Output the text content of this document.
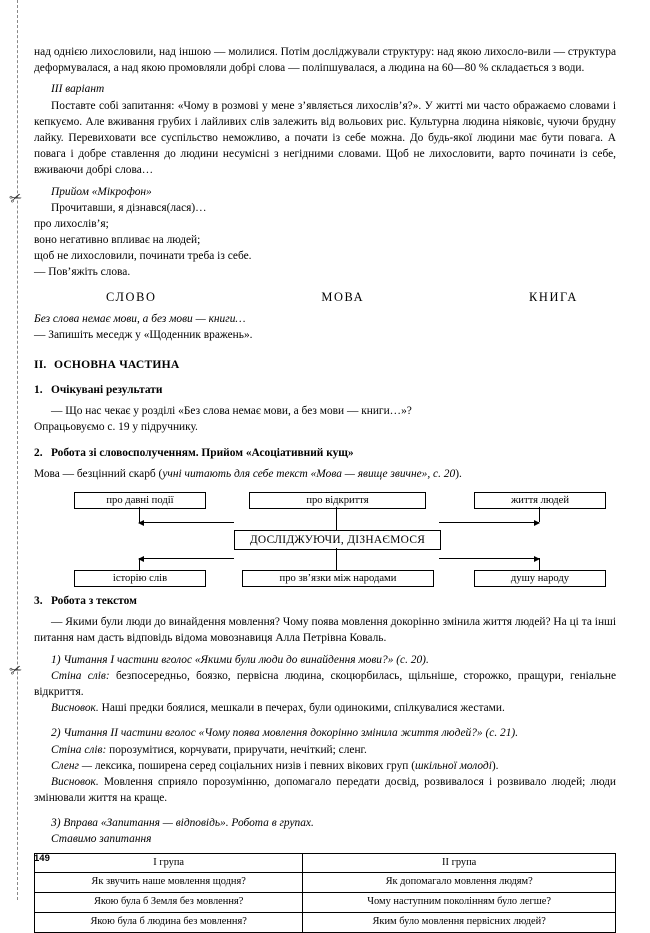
✂
✂

над однією лихословили, над іншою — молилися. Потім досліджували структуру: над якою лихосло-вили — структура деформувалася, а над якою промовляли добрі слова — поліпшувалася, а людина на 60—80 % складається з води.

ІІІ варіант

Поставте собі запитання: «Чому в розмові у мене з’являється лихослів’я?». У житті ми часто ображаємо словами і кепкуємо. Але вживання грубих і лайливих слів залежить від вольових рис. Культурна людина ніяковіє, чуючи брудну лайку. Перевиховати все суспільство неможливо, а почати із себе можна. До будь-якої людини має бути повага. А повага і добре ставлення до людини несумісні з негідними словами. Щоб не лихословити, варто починати із себе, вживаючи добрі слова…

Прийом «Мікрофон»

Прочитавши, я дізнався(лася)…

про лихослів’я;

воно негативно впливає на людей;

щоб не лихословили, починати треба із себе.

— Пов’яжіть слова.

СЛОВО	МОВА	КНИГА

Без слова немає мови, а без мови — книги…

— Запишіть меседж у «Щоденник вражень».

II. ОСНОВНА ЧАСТИНА

1. Очікувані результати

— Що нас чекає у розділі «Без слова немає мови, а без мови — книги…»?

Опрацьовуємо с. 19 у підручнику.

2. Робота зі словосполученням. Прийом «Асоціативний кущ»

Мова — безцінний скарб (учні читають для себе текст «Мова — явище звичне», с. 20).

про давні події	про відкриття	життя людей
ДОСЛІДЖУЮЧИ, ДІЗНАЄМОСЯ
історію слів	про зв’язки між народами	душу народу

3. Робота з текстом

— Якими були люди до винайдення мовлення? Чому поява мовлення докорінно змінила життя людей? На ці та інші питання нам дасть відповідь відома мовознавиця Алла Петрівна Коваль.

1) Читання І частини вголос «Якими були люди до винайдення мови?» (с. 20).

Стіна слів: безпосередньо, боязко, первісна людина, скоцюрбилась, щільніше, сторожко, пращури, геніальне відкриття.

Висновок. Наші предки боялися, мешкали в печерах, були одинокими, спілкувалися жестами.

2) Читання ІІ частини вголос «Чому поява мовлення докорінно змінила життя людей?» (с. 21).

Стіна слів: порозумітися, корчувати, приручати, нечіткий; сленг.

Сленг — лексика, поширена серед соціальних низів і певних вікових груп (шкільної молоді).

Висновок. Мовлення сприяло порозумінню, допомагало передати досвід, розвивалося і розвивало людей; люди змінювали життя на краще.

3) Вправа «Запитання — відповідь». Робота в групах.

Ставимо запитання

І група	ІІ група
Як звучить наше мовлення щодня?	Як допомагало мовлення людям?
Якою була б Земля без мовлення?	Чому наступним поколінням було легше?
Якою була б людина без мовлення?	Яким було мовлення первісних людей?
149
